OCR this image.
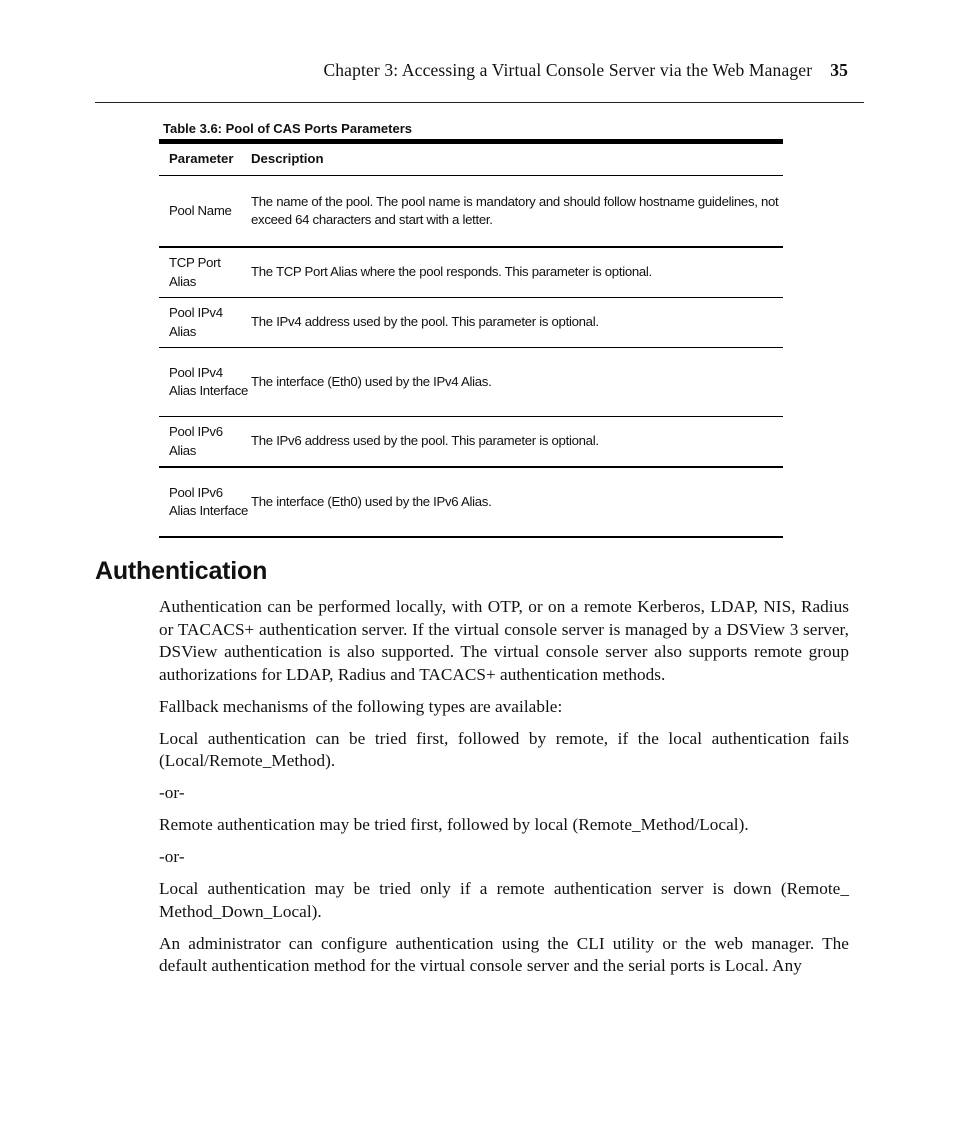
Chapter 3: Accessing a Virtual Console Server via the Web Manager 35
Table 3.6: Pool of CAS Ports Parameters
Parameter	Description
Pool Name	The name of the pool. The pool name is mandatory and should follow hostname guidelines, not exceed 64 characters and start with a letter.
TCP Port Alias	The TCP Port Alias where the pool responds. This parameter is optional.
Pool IPv4 Alias	The IPv4 address used by the pool. This parameter is optional.
Pool IPv4 Alias Interface	The interface (Eth0) used by the IPv4 Alias.
Pool IPv6 Alias	The IPv6 address used by the pool. This parameter is optional.
Pool IPv6 Alias Interface	The interface (Eth0) used by the IPv6 Alias.
Authentication

Authentication can be performed locally, with OTP, or on a remote Kerberos, LDAP, NIS, Radius or TACACS+ authentication server. If the virtual console server is managed by a DSView 3 server, DSView authentication is also supported. The virtual console server also supports remote group authorizations for LDAP, Radius and TACACS+ authentication methods.

Fallback mechanisms of the following types are available:

Local authentication can be tried first, followed by remote, if the local authentication fails (Local/Remote_Method).

-or-

Remote authentication may be tried first, followed by local (Remote_Method/Local).

-or-

Local authentication may be tried only if a remote authentication server is down (Remote_ Method_Down_Local).

An administrator can configure authentication using the CLI utility or the web manager. The default authentication method for the virtual console server and the serial ports is Local. Any
